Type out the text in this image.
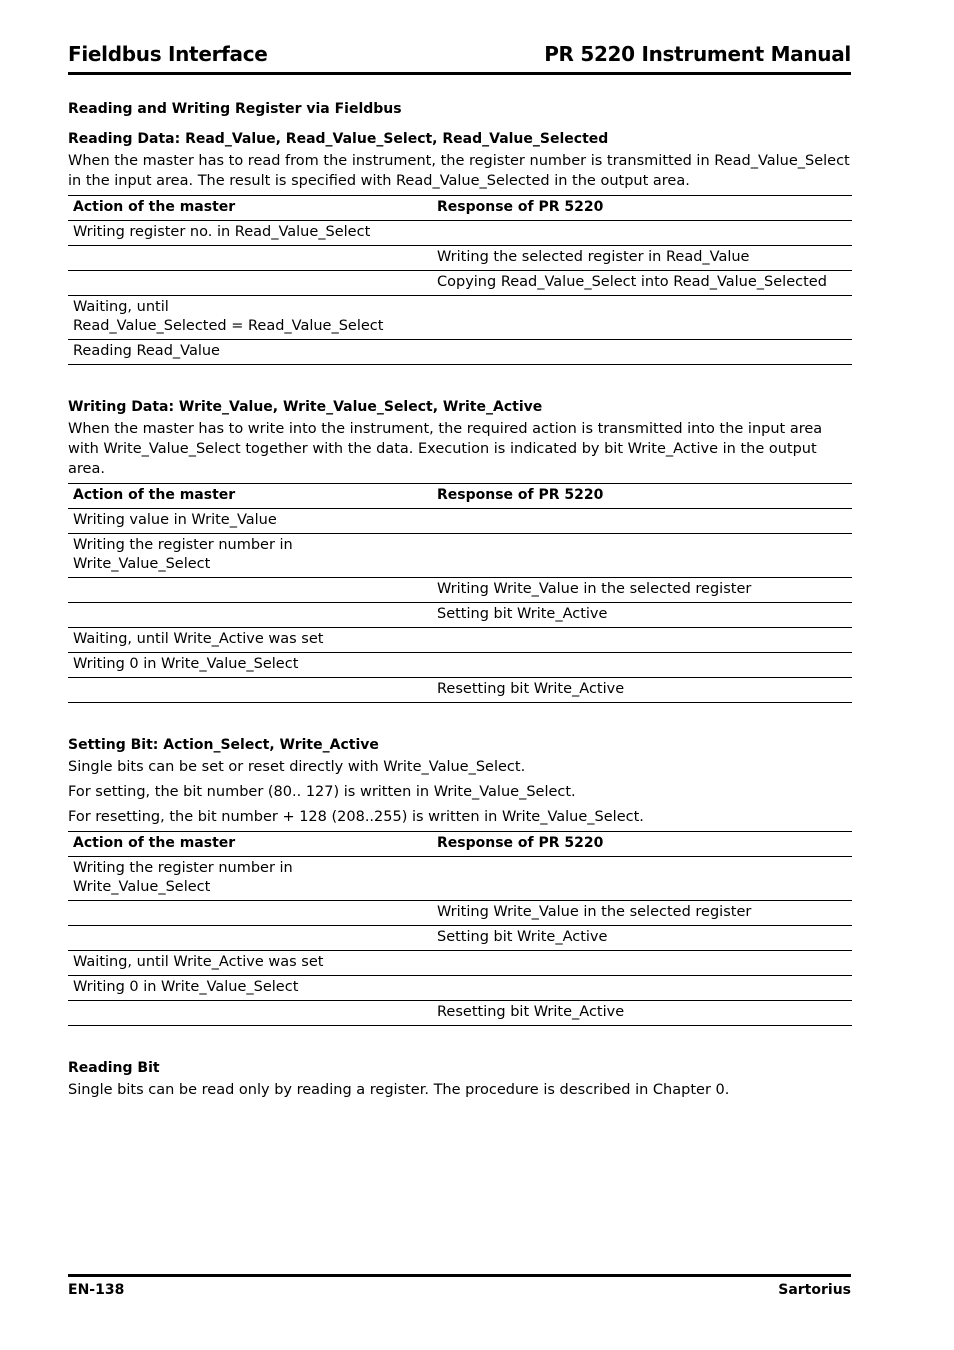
Fieldbus Interface	PR 5220 Instrument Manual
Reading and Writing Register via Fieldbus
Reading Data: Read_Value, Read_Value_Select, Read_Value_Selected
When the master has to read from the instrument, the register number is transmitted in Read_Value_Select in the input area. The result is specified with Read_Value_Selected in the output area.
Action of the master	Response of PR 5220
Writing register no. in Read_Value_Select	
	Writing the selected register in Read_Value
	Copying Read_Value_Select into Read_Value_Selected
Waiting, until
Read_Value_Selected = Read_Value_Select	
Reading Read_Value	
Writing Data: Write_Value, Write_Value_Select, Write_Active
When the master has to write into the instrument, the required action is transmitted into the input area with Write_Value_Select together with the data. Execution is indicated by bit Write_Active in the output area.
Action of the master	Response of PR 5220
Writing value in Write_Value	
Writing the register number in
Write_Value_Select	
	Writing Write_Value in the selected register
	Setting bit Write_Active
Waiting, until Write_Active was set	
Writing 0 in Write_Value_Select	
	Resetting bit Write_Active
Setting Bit: Action_Select, Write_Active
Single bits can be set or reset directly with Write_Value_Select.
For setting, the bit number (80.. 127) is written in Write_Value_Select.
For resetting, the bit number + 128 (208..255) is written in Write_Value_Select.
Action of the master	Response of PR 5220
Writing the register number in
Write_Value_Select	
	Writing Write_Value in the selected register
	Setting bit Write_Active
Waiting, until Write_Active was set	
Writing 0 in Write_Value_Select	
	Resetting bit Write_Active
Reading Bit
Single bits can be read only by reading a register. The procedure is described in Chapter 0.
EN-138	Sartorius
